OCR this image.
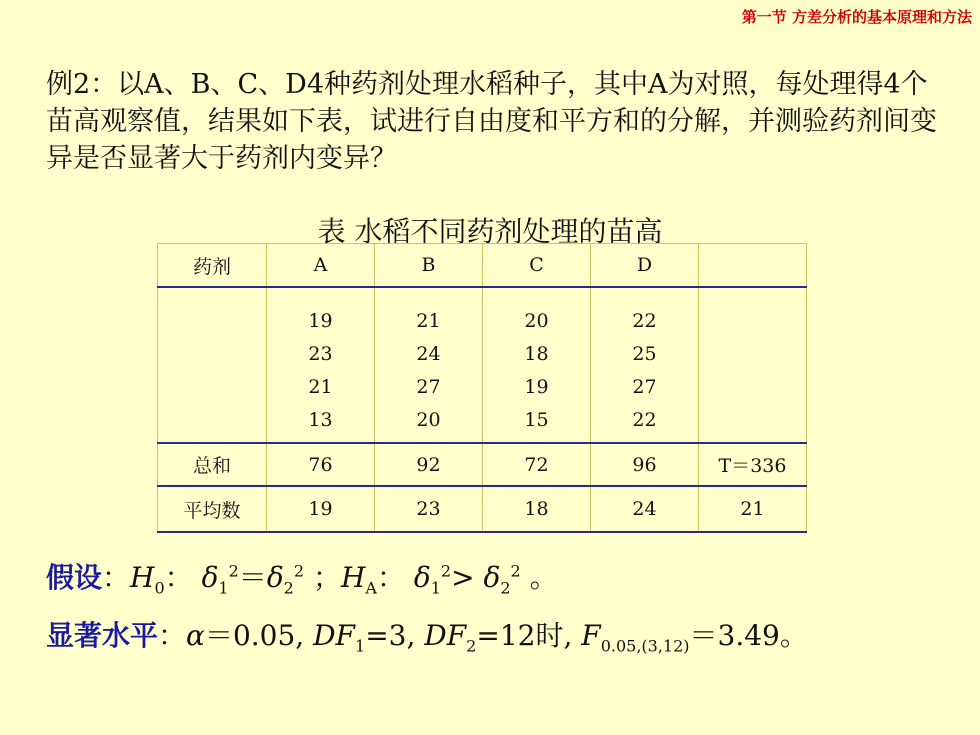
第一节 方差分析的基本原理和方法
例2：以A、B、C、D4种药剂处理水稻种子，其中A为对照，每处理得4个苗高观察值，结果如下表，试进行自由度和平方和的分解，并测验药剂间变异是否显著大于药剂内变异？
表 水稻不同药剂处理的苗高
药剂	A	B	C	D	
	19	21	20	22	
	23	24	18	25	
	21	27	19	27	
	13	20	15	22	
总和	76	92	72	96	T＝336
平均数	19	23	18	24	21
假设：$H_0$： $\delta_1^2=\delta_2^2$ ；$H_A$： $\delta_1^2> \delta_2^2$ 。
显著水平：α＝0.05, $DF_1=3$, $DF_2=12$时, $F_{0.05,(3,12)}=3.49$。
